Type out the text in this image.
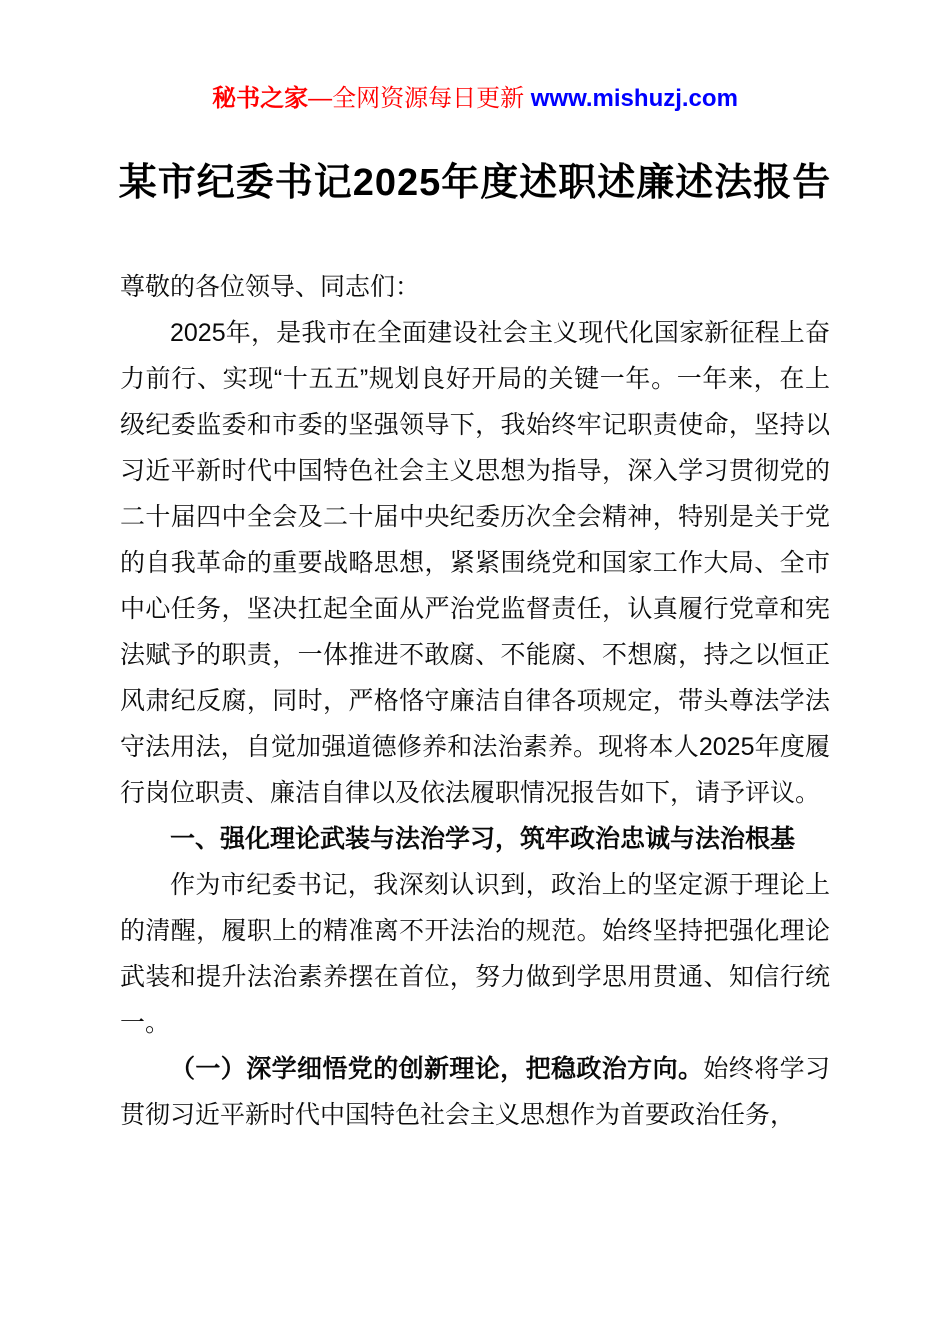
秘书之家—全网资源每日更新 www.mishuzj.com
某市纪委书记2025年度述职述廉述法报告

尊敬的各位领导、同志们：

2025年，是我市在全面建设社会主义现代化国家新征程上奋力前行、实现“十五五”规划良好开局的关键一年。一年来，在上级纪委监委和市委的坚强领导下，我始终牢记职责使命，坚持以习近平新时代中国特色社会主义思想为指导，深入学习贯彻党的二十届四中全会及二十届中央纪委历次全会精神，特别是关于党的自我革命的重要战略思想，紧紧围绕党和国家工作大局、全市中心任务，坚决扛起全面从严治党监督责任，认真履行党章和宪法赋予的职责，一体推进不敢腐、不能腐、不想腐，持之以恒正风肃纪反腐，同时，严格恪守廉洁自律各项规定，带头尊法学法守法用法，自觉加强道德修养和法治素养。现将本人2025年度履行岗位职责、廉洁自律以及依法履职情况报告如下，请予评议。

一、强化理论武装与法治学习，筑牢政治忠诚与法治根基

作为市纪委书记，我深刻认识到，政治上的坚定源于理论上的清醒，履职上的精准离不开法治的规范。始终坚持把强化理论武装和提升法治素养摆在首位，努力做到学思用贯通、知信行统一。

（一）深学细悟党的创新理论，把稳政治方向。始终将学习贯彻习近平新时代中国特色社会主义思想作为首要政治任务，
